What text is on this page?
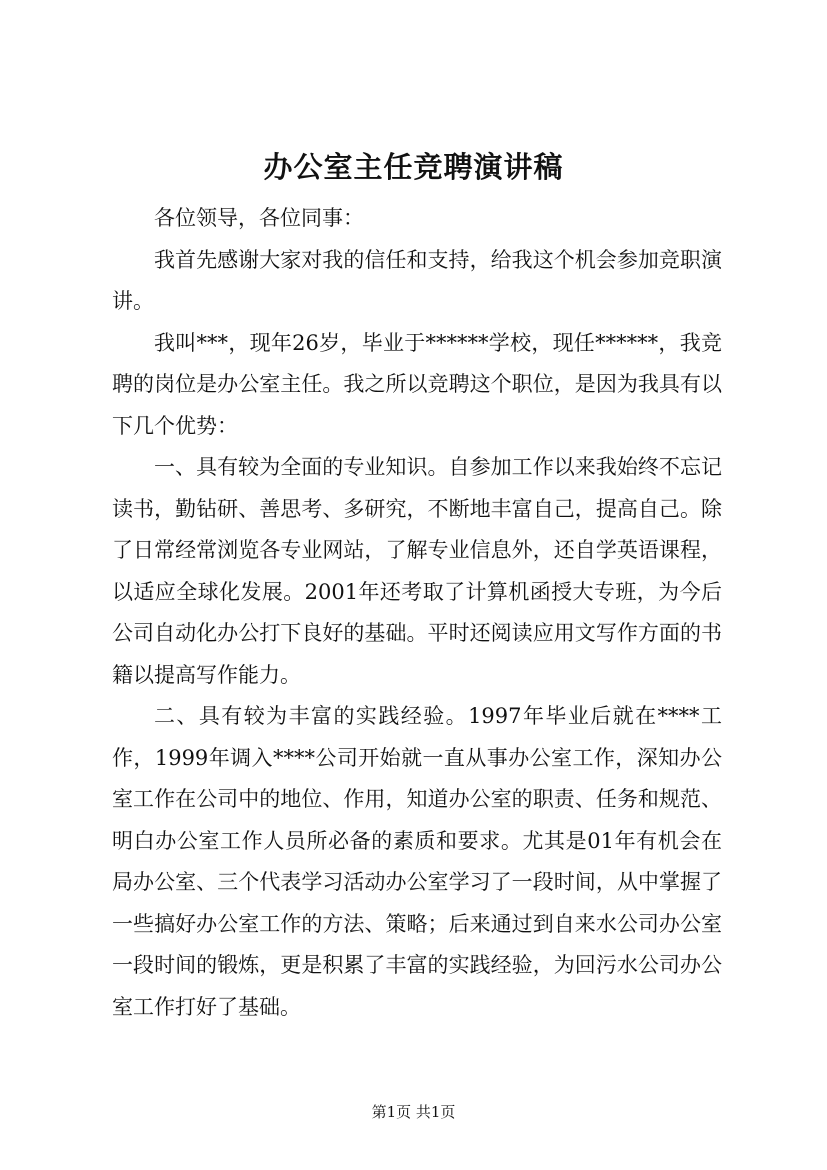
办公室主任竞聘演讲稿

各位领导，各位同事：

我首先感谢大家对我的信任和支持，给我这个机会参加竞职演讲。

我叫***，现年26岁，毕业于******学校，现任******，我竞聘的岗位是办公室主任。我之所以竞聘这个职位，是因为我具有以下几个优势：

一、具有较为全面的专业知识。自参加工作以来我始终不忘记读书，勤钻研、善思考、多研究，不断地丰富自己，提高自己。除了日常经常浏览各专业网站，了解专业信息外，还自学英语课程，以适应全球化发展。2001年还考取了计算机函授大专班，为今后公司自动化办公打下良好的基础。平时还阅读应用文写作方面的书籍以提高写作能力。

二、具有较为丰富的实践经验。1997年毕业后就在****工作，1999年调入****公司开始就一直从事办公室工作，深知办公室工作在公司中的地位、作用，知道办公室的职责、任务和规范、明白办公室工作人员所必备的素质和要求。尤其是01年有机会在局办公室、三个代表学习活动办公室学习了一段时间，从中掌握了一些搞好办公室工作的方法、策略；后来通过到自来水公司办公室一段时间的锻炼，更是积累了丰富的实践经验，为回污水公司办公室工作打好了基础。

第1页 共1页
